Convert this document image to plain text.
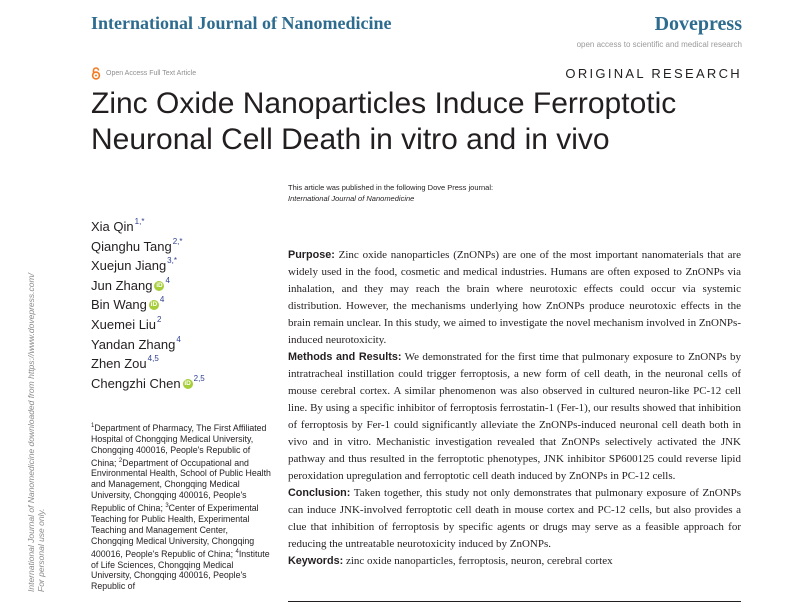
International Journal of Nanomedicine	Dovepress
open access to scientific and medical research
Open Access Full Text Article	ORIGINAL RESEARCH
Zinc Oxide Nanoparticles Induce Ferroptotic
Neuronal Cell Death in vitro and in vivo
This article was published in the following Dove Press journal:
International Journal of Nanomedicine
International Journal of Nanomedicine downloaded from https://www.dovepress.com/ For personal use only.
Xia Qin$^{1,*}$
Qianghu Tang$^{2,*}$
Xuejun Jiang$^{3,*}$
Jun Zhang iD
$^4$
Bin Wang iD
$^4$
Xuemei Liu$^2$
Yandan Zhang$^4$
Zhen Zou$^{4,5}$
Chengzhi Chen iD
$^{2,5}$
$^1$Department of Pharmacy, The First Affiliated Hospital of Chongqing Medical University, Chongqing 400016, People's Republic of China; $^2$Department of Occupational and Environmental Health, School of Public Health and Management, Chongqing Medical University, Chongqing 400016, People's Republic of China; $^3$Center of Experimental Teaching for Public Health, Experimental Teaching and Management Center, Chongqing Medical University, Chongqing 400016, People's Republic of China; $^4$Institute of Life Sciences, Chongqing Medical University, Chongqing 400016, People's Republic of

Purpose: Zinc oxide nanoparticles (ZnONPs) are one of the most important nanomaterials that are widely used in the food, cosmetic and medical industries. Humans are often exposed to ZnONPs via inhalation, and they may reach the brain where neurotoxic effects could occur via systemic distribution. However, the mechanisms underlying how ZnONPs produce neurotoxic effects in the brain remain unclear. In this study, we aimed to investigate the novel mechanism involved in ZnONPs-induced neurotoxicity.

Methods and Results: We demonstrated for the first time that pulmonary exposure to ZnONPs by intratracheal instillation could trigger ferroptosis, a new form of cell death, in the neuronal cells of mouse cerebral cortex. A similar phenomenon was also observed in cultured neuron-like PC-12 cell line. By using a specific inhibitor of ferroptosis ferrostatin-1 (Fer-1), our results showed that inhibition of ferroptosis by Fer-1 could significantly alleviate the ZnONPs-induced neuronal cell death both in vivo and in vitro. Mechanistic investigation revealed that ZnONPs selectively activated the JNK pathway and thus resulted in the ferroptotic phenotypes, JNK inhibitor SP600125 could reverse lipid peroxidation upregulation and ferroptotic cell death induced by ZnONPs in PC-12 cells.

Conclusion: Taken together, this study not only demonstrates that pulmonary exposure of ZnONPs can induce JNK-involved ferroptotic cell death in mouse cortex and PC-12 cells, but also provides a clue that inhibition of ferroptosis by specific agents or drugs may serve as a feasible approach for reducing the untreatable neurotoxicity induced by ZnONPs.

Keywords: zinc oxide nanoparticles, ferroptosis, neuron, cerebral cortex
